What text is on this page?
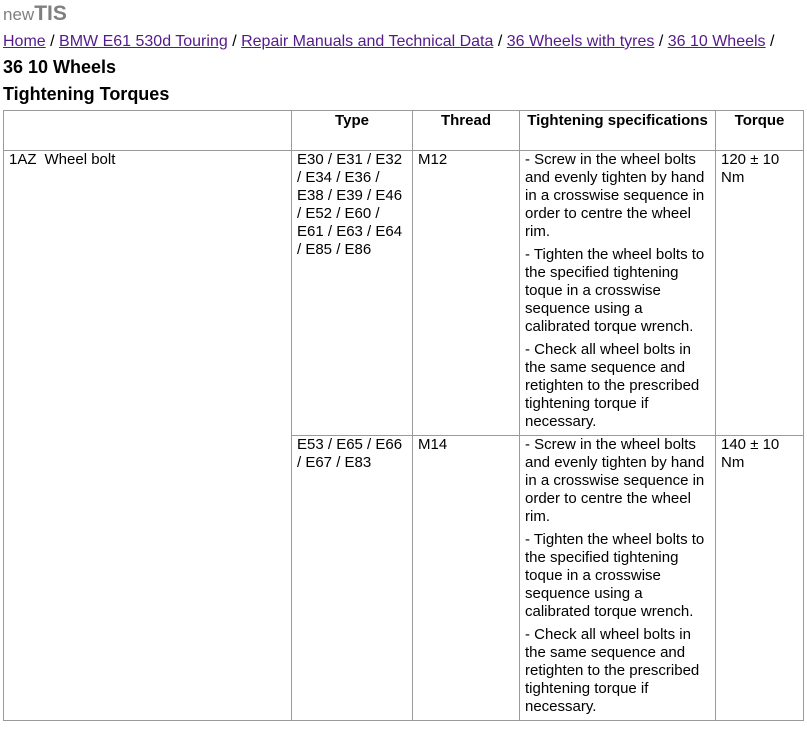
newTIS
Home / BMW E61 530d Touring / Repair Manuals and Technical Data / 36 Wheels with tyres / 36 10 Wheels /
36 10 Wheels
Tightening Torques
	Type	Thread	Tightening specifications	Torque
1AZ Wheel bolt	E30 / E31 / E32 / E34 / E36 / E38 / E39 / E46 / E52 / E60 / E61 / E63 / E64 / E85 / E86	M12	- Screw in the wheel bolts and evenly tighten by hand in a crosswise sequence in order to centre the wheel rim.
- Tighten the wheel bolts to the specified tightening toque in a crosswise sequence using a calibrated torque wrench.
- Check all wheel bolts in the same sequence and retighten to the prescribed tightening torque if necessary.	120 ± 10 Nm
	E53 / E65 / E66 / E67 / E83	M14	- Screw in the wheel bolts and evenly tighten by hand in a crosswise sequence in order to centre the wheel rim.
- Tighten the wheel bolts to the specified tightening toque in a crosswise sequence using a calibrated torque wrench.
- Check all wheel bolts in the same sequence and retighten to the prescribed tightening torque if necessary.	140 ± 10 Nm
